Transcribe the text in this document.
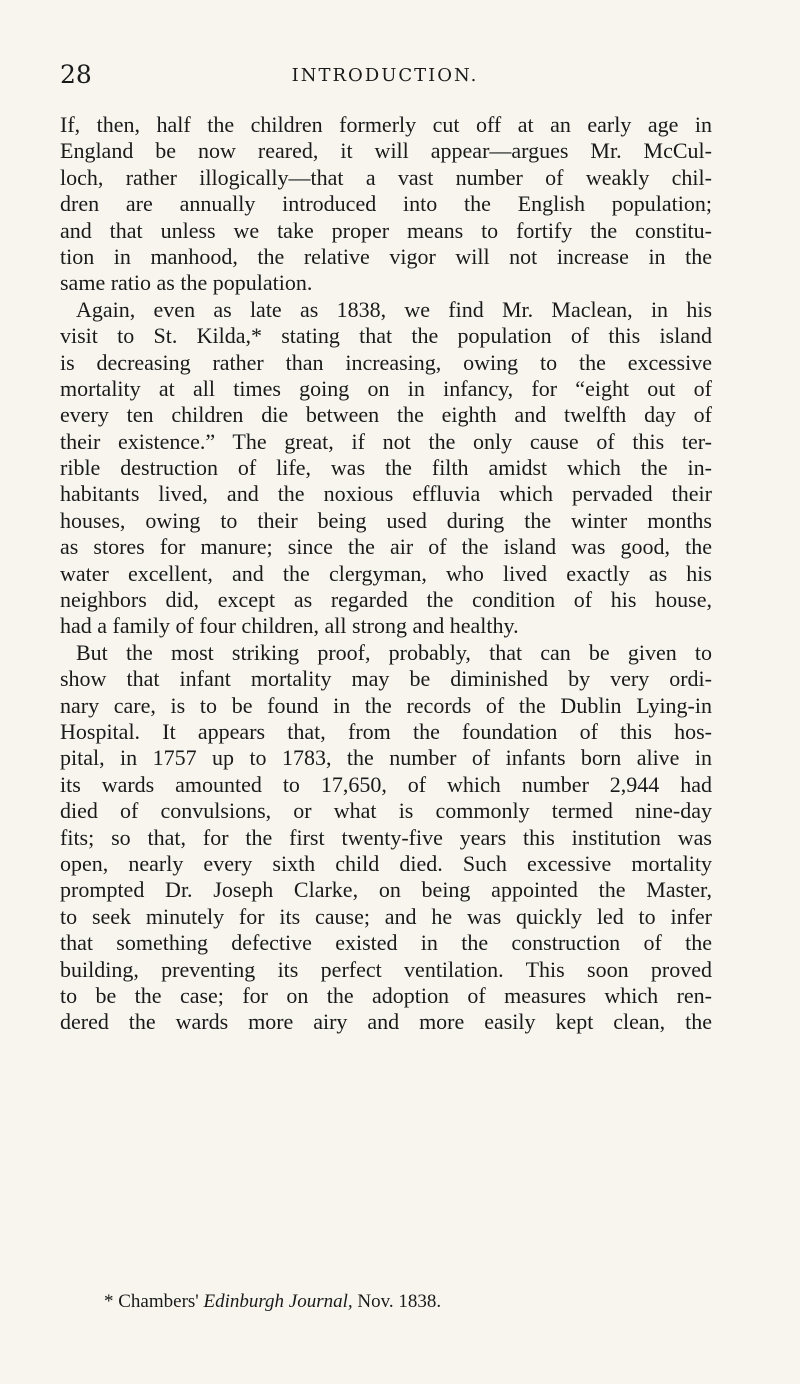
28	INTRODUCTION.
If, then, half the children formerly cut off at an early age in
England be now reared, it will appear—argues Mr. McCul-
loch, rather illogically—that a vast number of weakly chil-
dren are annually introduced into the English population;
and that unless we take proper means to fortify the constitu-
tion in manhood, the relative vigor will not increase in the
same ratio as the population.
Again, even as late as 1838, we find Mr. Maclean, in his
visit to St. Kilda,* stating that the population of this island
is decreasing rather than increasing, owing to the excessive
mortality at all times going on in infancy, for “eight out of
every ten children die between the eighth and twelfth day of
their existence.” The great, if not the only cause of this ter-
rible destruction of life, was the filth amidst which the in-
habitants lived, and the noxious effluvia which pervaded their
houses, owing to their being used during the winter months
as stores for manure; since the air of the island was good, the
water excellent, and the clergyman, who lived exactly as his
neighbors did, except as regarded the condition of his house,
had a family of four children, all strong and healthy.
But the most striking proof, probably, that can be given to
show that infant mortality may be diminished by very ordi-
nary care, is to be found in the records of the Dublin Lying-in
Hospital. It appears that, from the foundation of this hos-
pital, in 1757 up to 1783, the number of infants born alive in
its wards amounted to 17,650, of which number 2,944 had
died of convulsions, or what is commonly termed nine-day
fits; so that, for the first twenty-five years this institution was
open, nearly every sixth child died. Such excessive mortality
prompted Dr. Joseph Clarke, on being appointed the Master,
to seek minutely for its cause; and he was quickly led to infer
that something defective existed in the construction of the
building, preventing its perfect ventilation. This soon proved
to be the case; for on the adoption of measures which ren-
dered the wards more airy and more easily kept clean, the
* Chambers' Edinburgh Journal, Nov. 1838.
